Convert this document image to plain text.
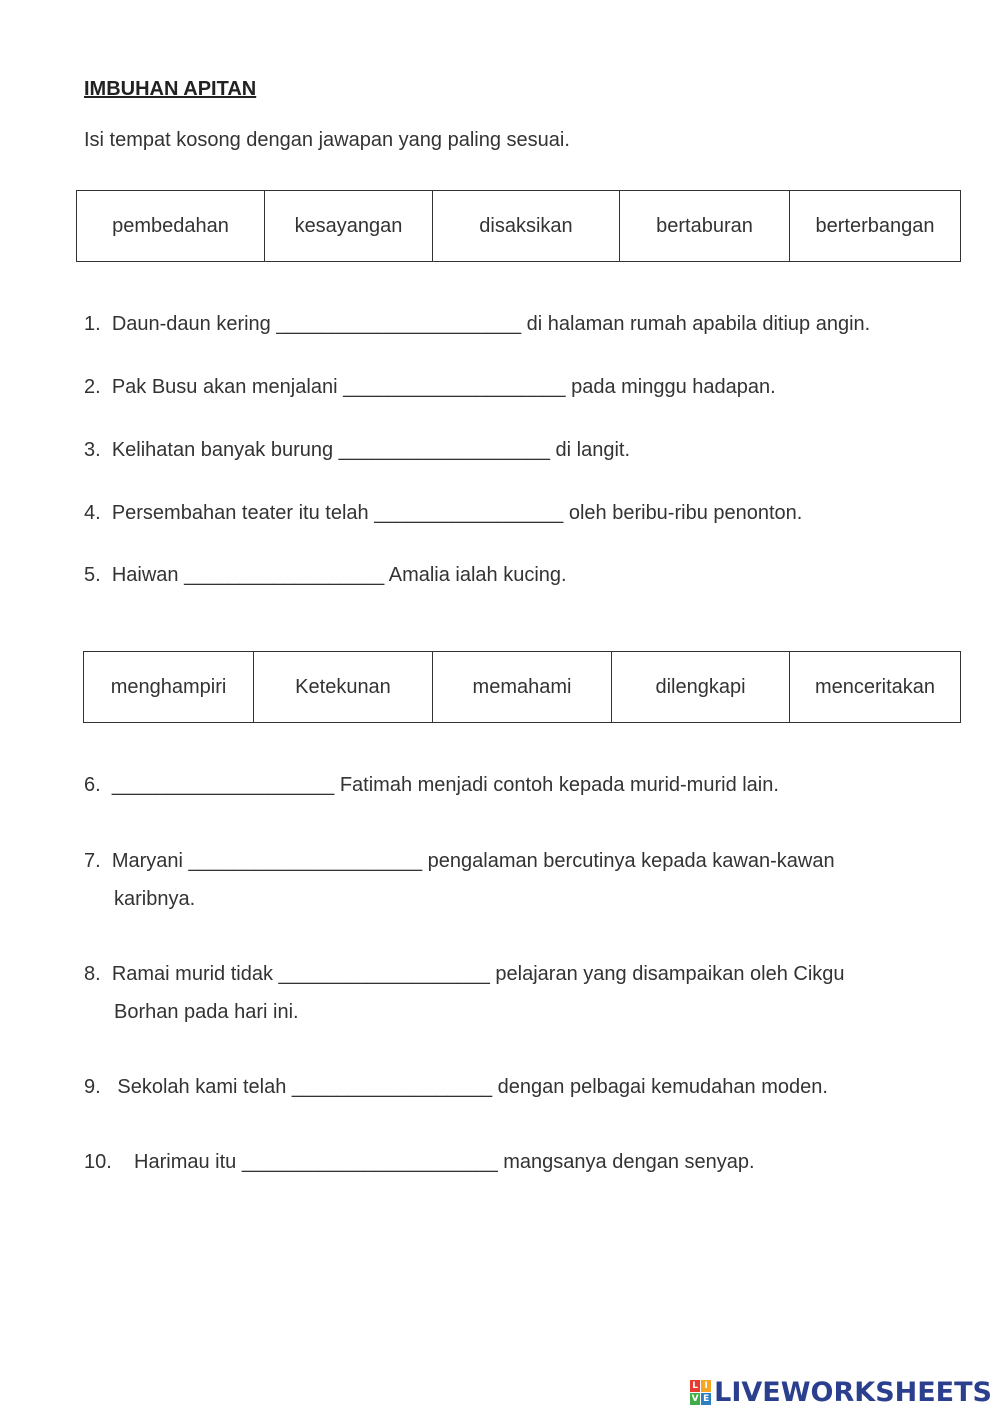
IMBUHAN APITAN

Isi tempat kosong dengan jawapan yang paling sesuai.

pembedahan	kesayangan	disaksikan	bertaburan	berterbangan

1. Daun-daun kering ______________________ di halaman rumah apabila ditiup angin.

2. Pak Busu akan menjalani ____________________ pada minggu hadapan.

3. Kelihatan banyak burung ___________________ di langit.

4. Persembahan teater itu telah _________________ oleh beribu-ribu penonton.

5. Haiwan __________________ Amalia ialah kucing.

menghampiri	Ketekunan	memahami	dilengkapi	menceritakan

6. ____________________ Fatimah menjadi contoh kepada murid-murid lain.

7. Maryani _____________________ pengalaman bercutinya kepada kawan-kawan
karibnya.

8. Ramai murid tidak ___________________ pelajaran yang disampaikan oleh Cikgu
Borhan pada hari ini.

9. Sekolah kami telah __________________ dengan pelbagai kemudahan moden.

10. Harimau itu _______________________ mangsanya dengan senyap.

L I
V E LIVEWORKSHEETS
